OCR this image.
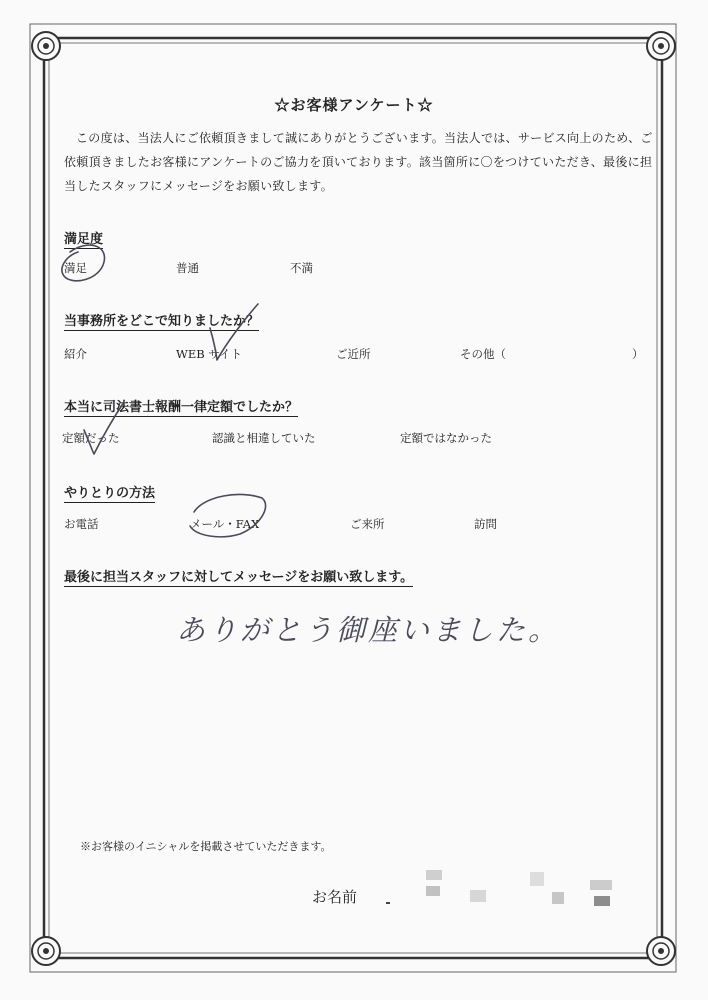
☆お客様アンケート☆
この度は、当法人にご依頼頂きまして誠にありがとうございます。当法人では、サービス向上のため、ご依頼頂きましたお客様にアンケートのご協力を頂いております。該当箇所に〇をつけていただき、最後に担当したスタッフにメッセージをお願い致します。
満足度
満足	普通	不満
当事務所をどこで知りましたか？
紹介	WEB サイト	ご近所	その他（	）
本当に司法書士報酬一律定額でしたか？
定額だった	認識と相違していた	定額ではなかった
やりとりの方法
お電話	メール・FAX	ご来所	訪問
最後に担当スタッフに対してメッセージをお願い致します。
ありがとう御座いました。
※お客様のイニシャルを掲載させていただきます。
お名前
